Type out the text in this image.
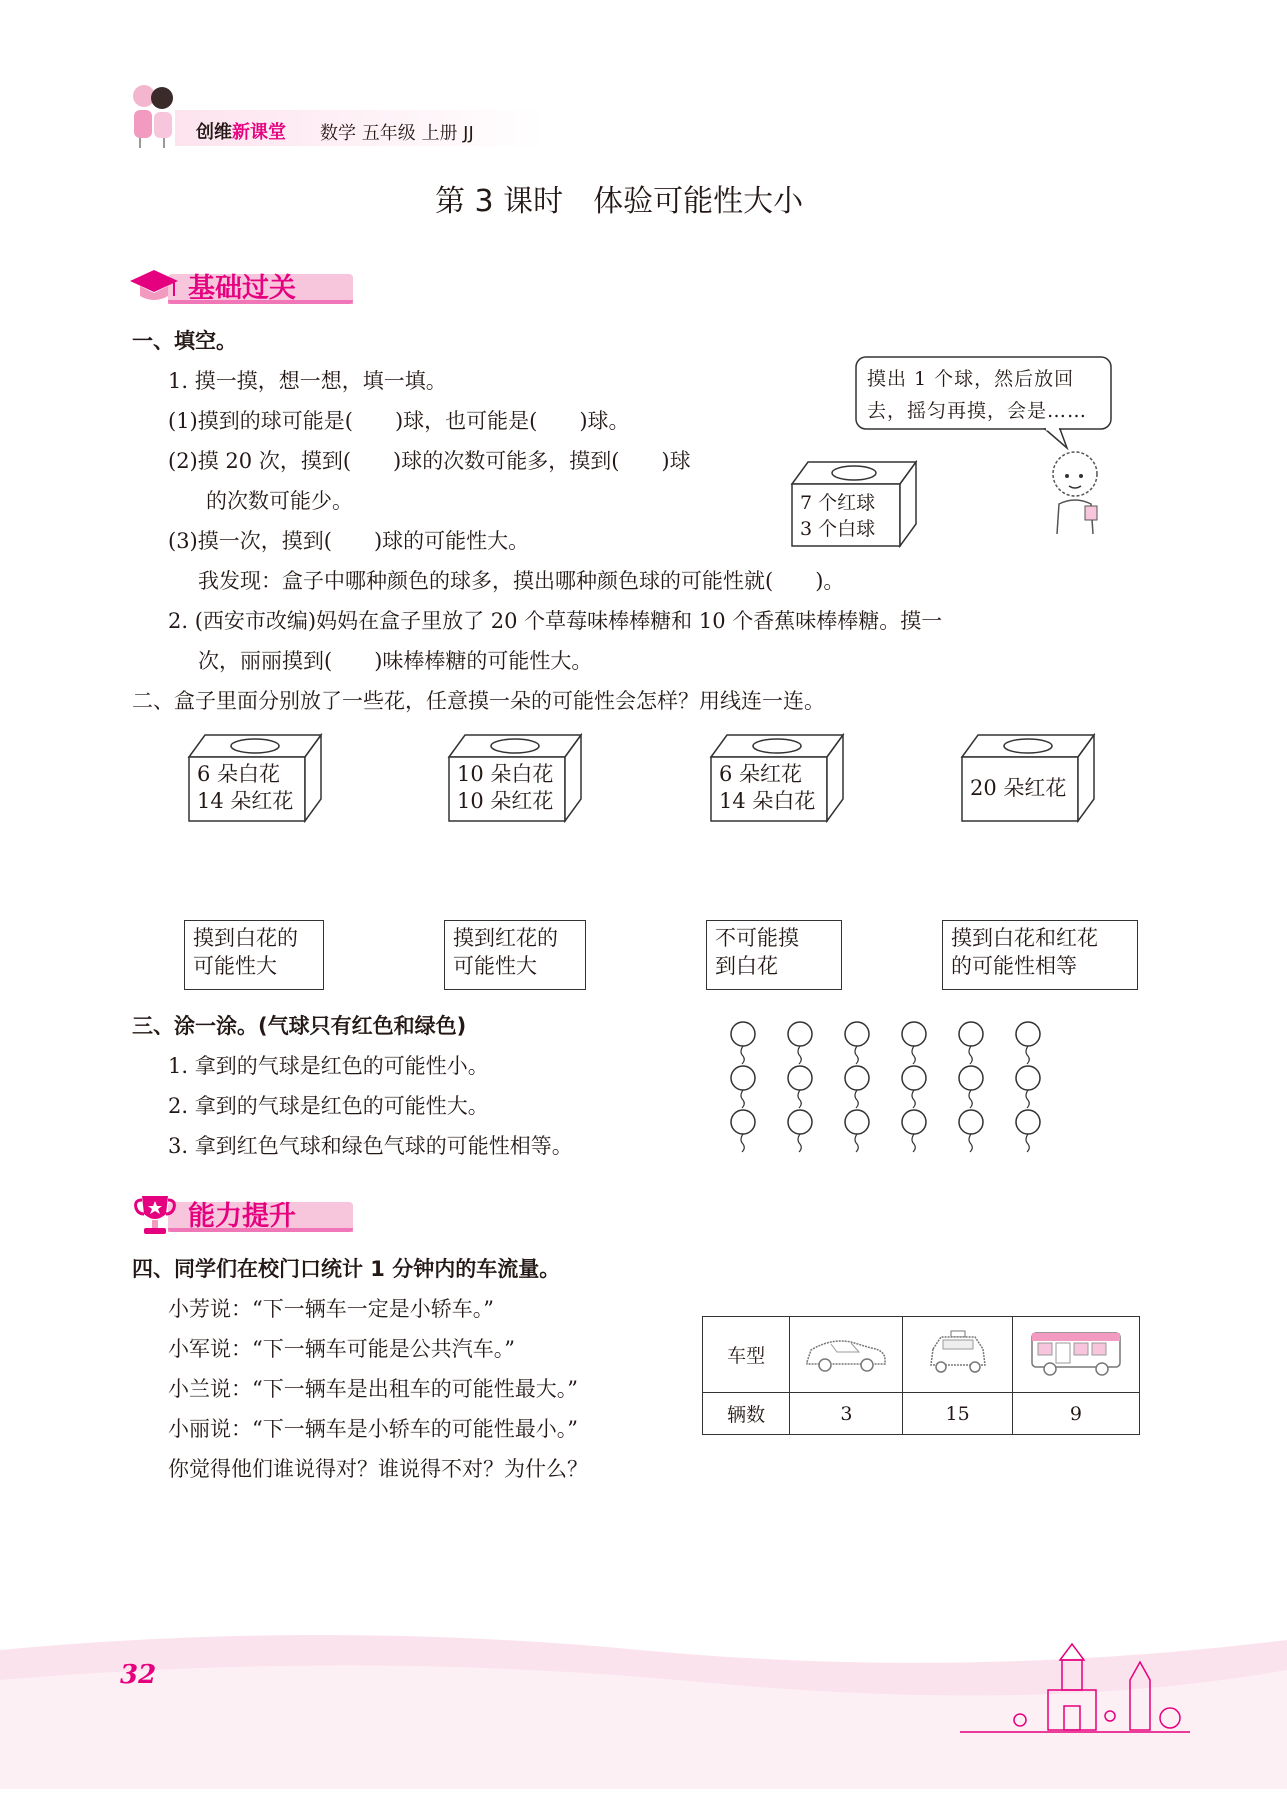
创维新课堂 数学 五年级 上册 JJ
第 3 课时　体验可能性大小
基础过关
一、填空。
1. 摸一摸，想一想，填一填。
(1)摸到的球可能是(　　)球，也可能是(　　)球。
(2)摸 20 次，摸到(　　)球的次数可能多，摸到(　　)球
的次数可能少。
(3)摸一次，摸到(　　)球的可能性大。
我发现：盒子中哪种颜色的球多，摸出哪种颜色球的可能性就(　　)。
2. (西安市改编)妈妈在盒子里放了 20 个草莓味棒棒糖和 10 个香蕉味棒棒糖。摸一
次，丽丽摸到(　　)味棒棒糖的可能性大。
摸出 1 个球，然后放回
去，摇匀再摸，会是……
7 个红球
3 个白球
二、盒子里面分别放了一些花，任意摸一朵的可能性会怎样？用线连一连。
6 朵白花
14 朵红花
10 朵白花
10 朵红花
6 朵红花
14 朵白花
20 朵红花
摸到白花的
可能性大
摸到红花的
可能性大
不可能摸
到白花
摸到白花和红花
的可能性相等
三、涂一涂。(气球只有红色和绿色)
1. 拿到的气球是红色的可能性小。
2. 拿到的气球是红色的可能性大。
3. 拿到红色气球和绿色气球的可能性相等。
能力提升
四、同学们在校门口统计 1 分钟内的车流量。
小芳说：“下一辆车一定是小轿车。”
小军说：“下一辆车可能是公共汽车。”
小兰说：“下一辆车是出租车的可能性最大。”
小丽说：“下一辆车是小轿车的可能性最小。”
你觉得他们谁说得对？谁说得不对？为什么？
车型			
辆数	3	15	9
32
